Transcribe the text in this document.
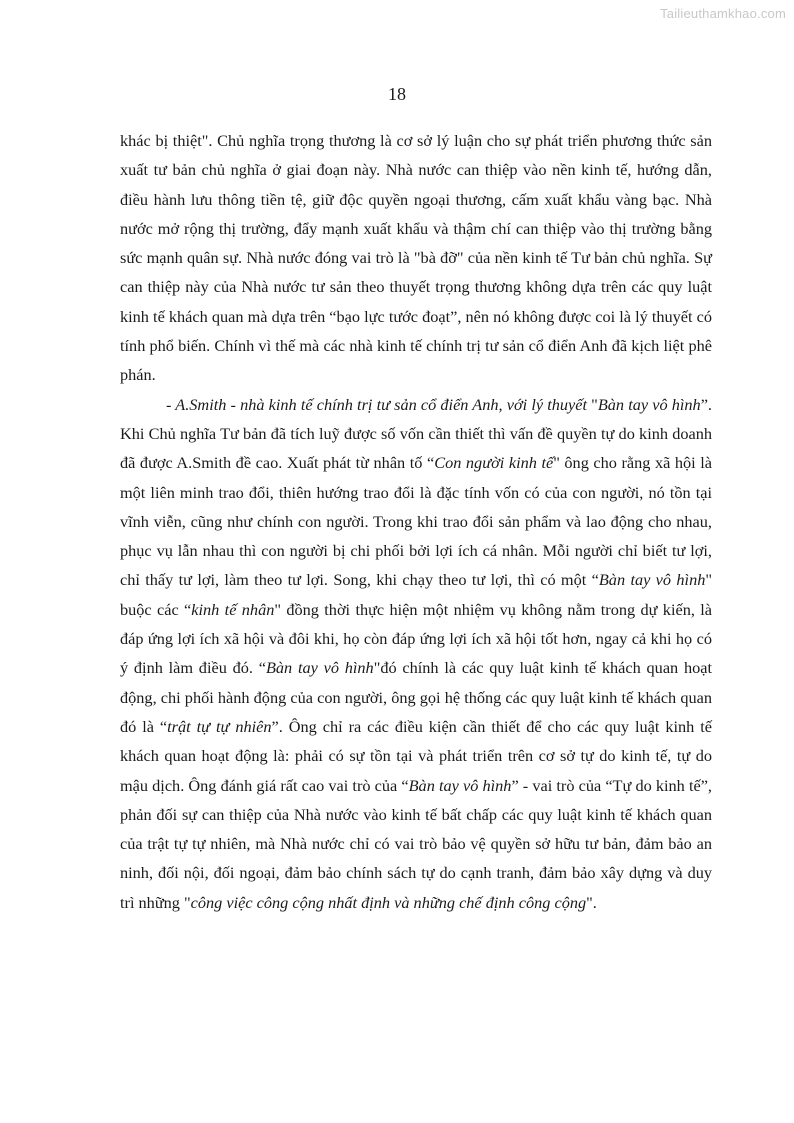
Tailieuthamkhao.com
18

khác bị thiệt". Chủ nghĩa trọng thương là cơ sở lý luận cho sự phát triển phương thức sản xuất tư bản chủ nghĩa ở giai đoạn này. Nhà nước can thiệp vào nền kinh tế, hướng dẫn, điều hành lưu thông tiền tệ, giữ độc quyền ngoại thương, cấm xuất khẩu vàng bạc. Nhà nước mở rộng thị trường, đẩy mạnh xuất khẩu và thậm chí can thiệp vào thị trường bằng sức mạnh quân sự. Nhà nước đóng vai trò là "bà đỡ" của nền kinh tế Tư bản chủ nghĩa. Sự can thiệp này của Nhà nước tư sản theo thuyết trọng thương không dựa trên các quy luật kinh tế khách quan mà dựa trên “bạo lực tước đoạt”, nên nó không được coi là lý thuyết có tính phổ biến. Chính vì thế mà các nhà kinh tế chính trị tư sản cổ điển Anh đã kịch liệt phê phán.

- A.Smith - nhà kinh tế chính trị tư sản cổ điển Anh, với lý thuyết "Bàn tay vô hình”. Khi Chủ nghĩa Tư bản đã tích luỹ được số vốn cần thiết thì vấn đề quyền tự do kinh doanh đã được A.Smith đề cao. Xuất phát từ nhân tố “Con người kinh tế" ông cho rằng xã hội là một liên minh trao đổi, thiên hướng trao đổi là đặc tính vốn có của con người, nó tồn tại vĩnh viễn, cũng như chính con người. Trong khi trao đổi sản phẩm và lao động cho nhau, phục vụ lẫn nhau thì con người bị chi phối bởi lợi ích cá nhân. Mỗi người chỉ biết tư lợi, chỉ thấy tư lợi, làm theo tư lợi. Song, khi chạy theo tư lợi, thì có một “Bàn tay vô hình" buộc các “kinh tế nhân" đồng thời thực hiện một nhiệm vụ không nằm trong dự kiến, là đáp ứng lợi ích xã hội và đôi khi, họ còn đáp ứng lợi ích xã hội tốt hơn, ngay cả khi họ có ý định làm điều đó. “Bàn tay vô hình"đó chính là các quy luật kinh tế khách quan hoạt động, chi phối hành động của con người, ông gọi hệ thống các quy luật kinh tế khách quan đó là “trật tự tự nhiên”. Ông chỉ ra các điều kiện cần thiết để cho các quy luật kinh tế khách quan hoạt động là: phải có sự tồn tại và phát triển trên cơ sở tự do kinh tế, tự do mậu dịch. Ông đánh giá rất cao vai trò của “Bàn tay vô hình” - vai trò của “Tự do kinh tế”, phản đối sự can thiệp của Nhà nước vào kinh tế bất chấp các quy luật kinh tế khách quan của trật tự tự nhiên, mà Nhà nước chỉ có vai trò bảo vệ quyền sở hữu tư bản, đảm bảo an ninh, đối nội, đối ngoại, đảm bảo chính sách tự do cạnh tranh, đảm bảo xây dựng và duy trì những "công việc công cộng nhất định và những chế định công cộng".
